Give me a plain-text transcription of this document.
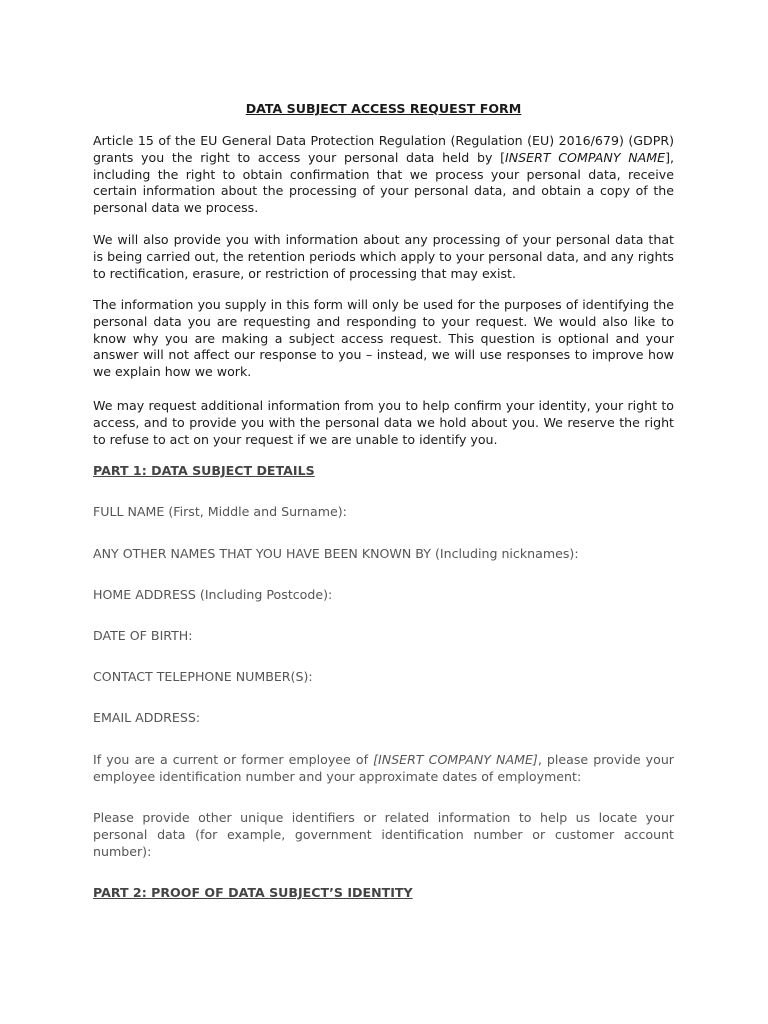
DATA SUBJECT ACCESS REQUEST FORM

Article 15 of the EU General Data Protection Regulation (Regulation (EU) 2016/679) (GDPR) grants you the right to access your personal data held by [INSERT COMPANY NAME], including the right to obtain confirmation that we process your personal data, receive certain information about the processing of your personal data, and obtain a copy of the personal data we process.

We will also provide you with information about any processing of your personal data that is being carried out, the retention periods which apply to your personal data, and any rights to rectification, erasure, or restriction of processing that may exist.

The information you supply in this form will only be used for the purposes of identifying the personal data you are requesting and responding to your request. We would also like to know why you are making a subject access request. This question is optional and your answer will not affect our response to you – instead, we will use responses to improve how we explain how we work.

We may request additional information from you to help confirm your identity, your right to access, and to provide you with the personal data we hold about you. We reserve the right to refuse to act on your request if we are unable to identify you.

PART 1: DATA SUBJECT DETAILS
FULL NAME (First, Middle and Surname):
ANY OTHER NAMES THAT YOU HAVE BEEN KNOWN BY (Including nicknames):
HOME ADDRESS (Including Postcode):
DATE OF BIRTH:
CONTACT TELEPHONE NUMBER(S):
EMAIL ADDRESS:

If you are a current or former employee of [INSERT COMPANY NAME], please provide your employee identification number and your approximate dates of employment:

Please provide other unique identifiers or related information to help us locate your personal data (for example, government identification number or customer account number):

PART 2: PROOF OF DATA SUBJECT’S IDENTITY
